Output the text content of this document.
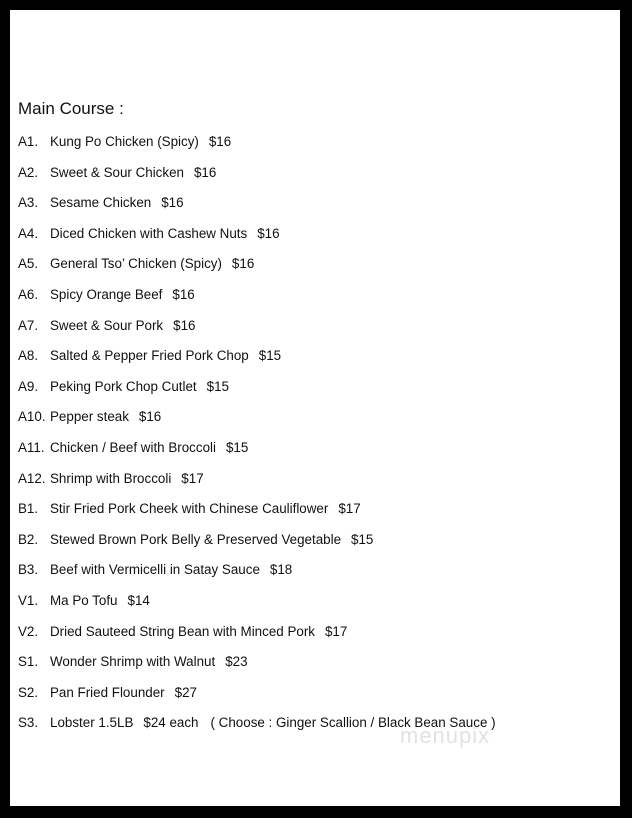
Main Course :
A1. Kung Po Chicken (Spicy) $16
A2. Sweet & Sour Chicken $16
A3. Sesame Chicken $16
A4. Diced Chicken with Cashew Nuts $16
A5. General Tso’ Chicken (Spicy) $16
A6. Spicy Orange Beef $16
A7. Sweet & Sour Pork $16
A8. Salted & Pepper Fried Pork Chop $15
A9. Peking Pork Chop Cutlet $15
A10. Pepper steak $16
A11. Chicken / Beef with Broccoli $15
A12. Shrimp with Broccoli $17
B1. Stir Fried Pork Cheek with Chinese Cauliflower $17
B2. Stewed Brown Pork Belly & Preserved Vegetable $15
B3. Beef with Vermicelli in Satay Sauce $18
V1. Ma Po Tofu $14
V2. Dried Sauteed String Bean with Minced Pork $17
S1. Wonder Shrimp with Walnut $23
S2. Pan Fried Flounder $27
S3. Lobster 1.5LB $24 each ( Choose : Ginger Scallion / Black Bean Sauce )
menupix
